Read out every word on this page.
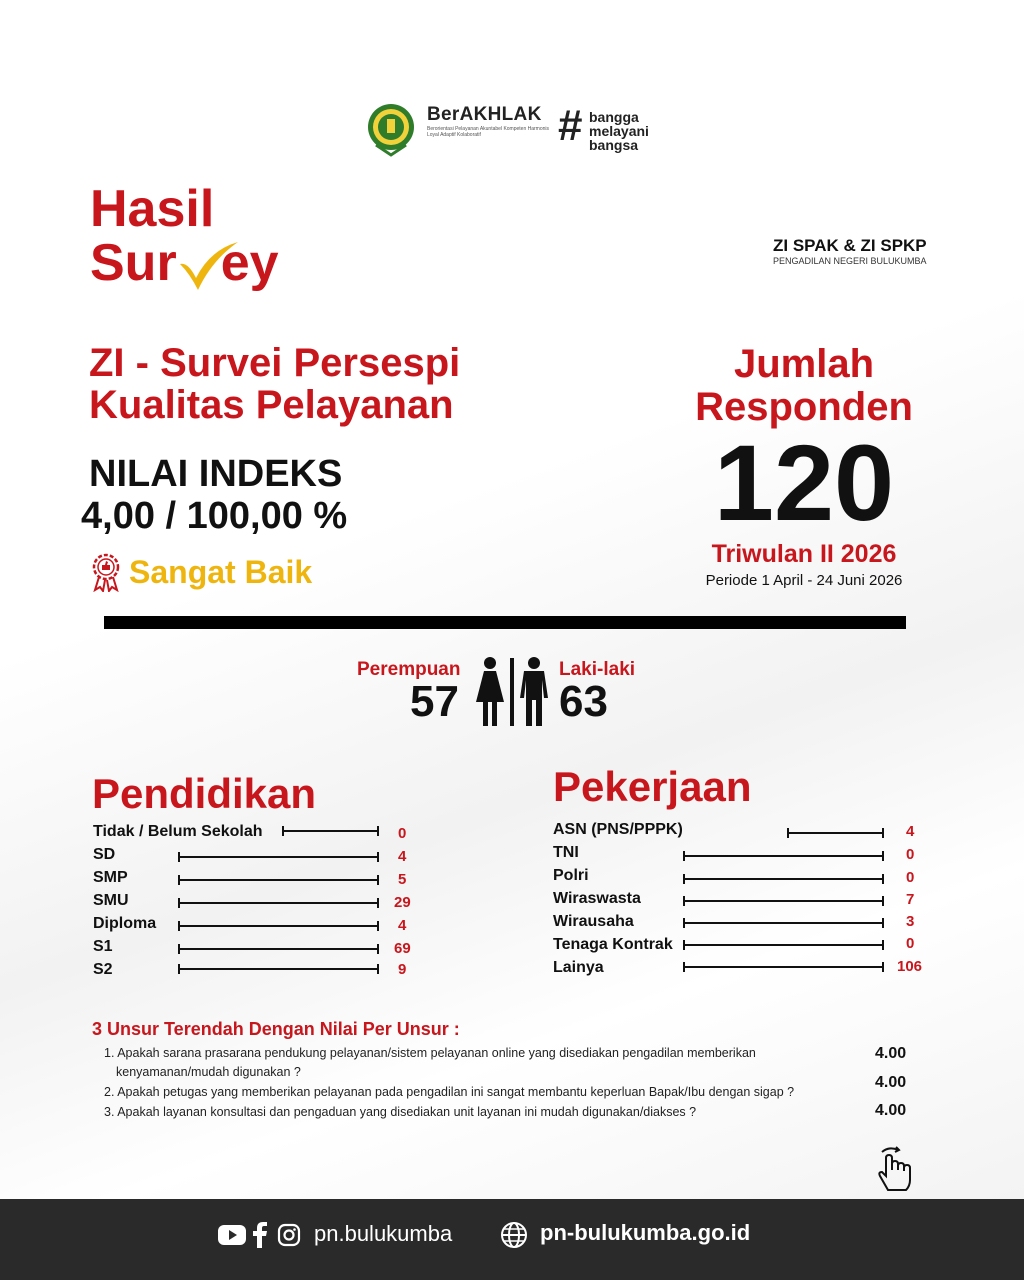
BerAKHLAK
Berorientasi Pelayanan Akuntabel Kompeten Harmonis Loyal Adaptif Kolaboratif	# bangga
melayani
bangsa
Hasil
Sur ey	ZI SPAK & ZI SPKP
PENGADILAN NEGERI BULUKUMBA
ZI - Survei Persespi
Kualitas Pelayanan
NILAI INDEKS
4,00 / 100,00 %
Sangat Baik
Jumlah
Responden
120
Triwulan II 2026
Periode 1 April - 24 Juni 2026
Perempuan
57
Laki-laki
63
Pendidikan
Tidak / Belum Sekolah	0
SD	4
SMP	5
SMU	29
Diploma	4
S1	69
S2	9
Pekerjaan
ASN (PNS/PPPK)	4
TNI	0
Polri	0
Wiraswasta	7
Wirausaha	3
Tenaga Kontrak	0
Lainya	106
3 Unsur Terendah Dengan Nilai Per Unsur :
1. Apakah sarana prasarana pendukung pelayanan/sistem pelayanan online yang disediakan pengadilan memberikan
kenyamanan/mudah digunakan ?
4.00
2. Apakah petugas yang memberikan pelayanan pada pengadilan ini sangat membantu keperluan Bapak/Ibu dengan sigap ?
4.00
3. Apakah layanan konsultasi dan pengaduan yang disediakan unit layanan ini mudah digunakan/diakses ?	4.00
pn.bulukumba	pn-bulukumba.go.id
